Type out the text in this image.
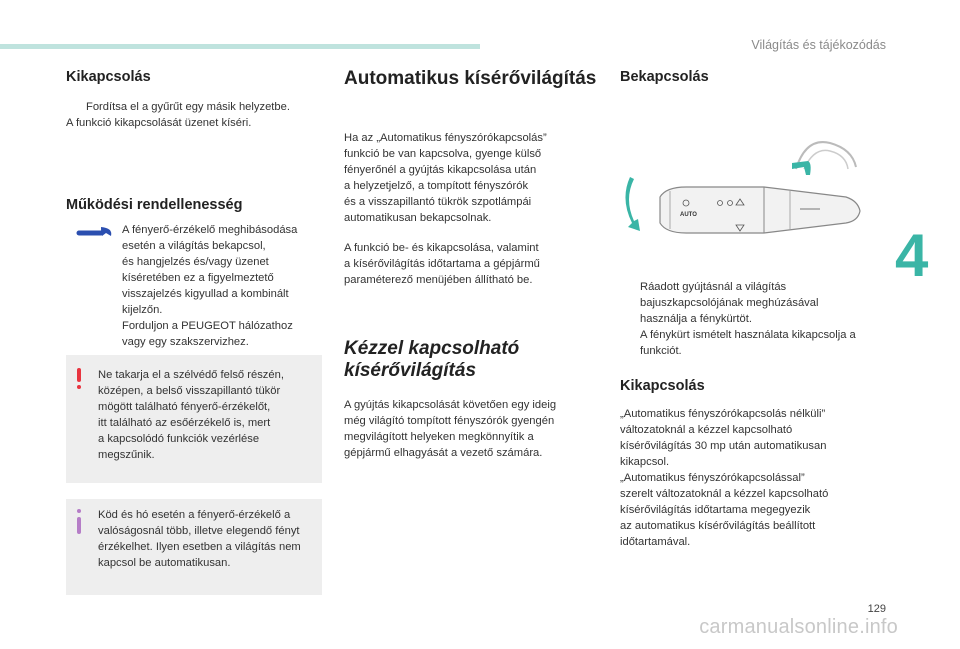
Világítás és tájékozódás
4
Kikapcsolás
Fordítsa el a gyűrűt egy másik helyzetbe.

A funkció kikapcsolását üzenet kíséri.

Működési rendellenesség

A fényerő-érzékelő meghibásodása

esetén a világítás bekapcsol,

és hangjelzés és/vagy üzenet

kíséretében ez a figyelmeztető

visszajelzés kigyullad a kombinált

kijelzőn.

Forduljon a PEUGEOT hálózathoz

vagy egy szakszervizhez.

Ne takarja el a szélvédő felső részén,

középen, a belső visszapillantó tükör

mögött található fényerő-érzékelőt,

itt található az esőérzékelő is, mert

a kapcsolódó funkciók vezérlése

megszűnik.

Köd és hó esetén a fényerő-érzékelő a

valóságosnál több, illetve elegendő fényt

érzékelhet. Ilyen esetben a világítás nem

kapcsol be automatikusan.

Automatikus kísérővilágítás

Ha az „Automatikus fényszórókapcsolás”

funkció be van kapcsolva, gyenge külső

fényerőnél a gyújtás kikapcsolása után

a helyzetjelző, a tompított fényszórók

és a visszapillantó tükrök szpotlámpái

automatikusan bekapcsolnak.

A funkció be- és kikapcsolása, valamint

a kísérővilágítás időtartama a gépjármű

paraméterező menüjében állítható be.

Kézzel kapcsolható
kísérővilágítás

A gyújtás kikapcsolását követően egy ideig

még világító tompított fényszórók gyengén

megvilágított helyeken megkönnyítik a

gépjármű elhagyását a vezető számára.

Bekapcsolás
AUTO
Ráadott gyújtásnál a világítás
bajuszkapcsolójának meghúzásával
használja a fénykürtöt.
A fénykürt ismételt használata kikapcsolja a
funkciót.
Kikapcsolás

„Automatikus fényszórókapcsolás nélküli”

változatoknál a kézzel kapcsolható

kísérővilágítás 30 mp után automatikusan

kikapcsol.

„Automatikus fényszórókapcsolással”

szerelt változatoknál a kézzel kapcsolható

kísérővilágítás időtartama megegyezik

az automatikus kísérővilágítás beállított

időtartamával.

129
carmanualsonline.info
